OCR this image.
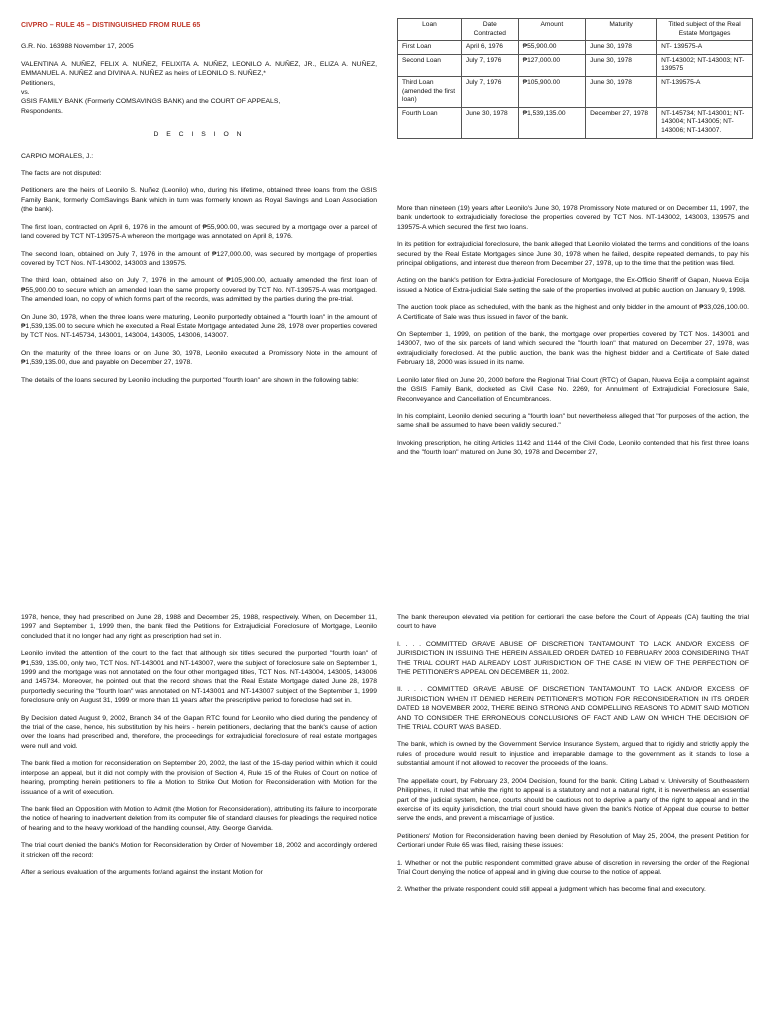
CIVPRO – RULE 45 – DISTINGUISHED FROM RULE 65

G.R. No. 163988 November 17, 2005

VALENTINA A. NUÑEZ, FELIX A. NUÑEZ, FELIXITA A. NUÑEZ, LEONILO A. NUÑEZ, JR., ELIZA A. NUÑEZ, EMMANUEL A. NUÑEZ and DIVINA A. NUÑEZ as heirs of LEONILO S. NUÑEZ,*

Petitioners,

vs.

GSIS FAMILY BANK (Formerly COMSAVINGS BANK) and the COURT OF APPEALS,

Respondents.

D E C I S I O N

CARPIO MORALES, J.:

The facts are not disputed:

Petitioners are the heirs of Leonilo S. Nuñez (Leonilo) who, during his lifetime, obtained three loans from the GSIS Family Bank, formerly ComSavings Bank which in turn was formerly known as Royal Savings and Loan Association (the bank).

The first loan, contracted on April 6, 1976 in the amount of ₱55,900.00, was secured by a mortgage over a parcel of land covered by TCT NT-139575-A whereon the mortgage was annotated on April 8, 1976.

The second loan, obtained on July 7, 1976 in the amount of ₱127,000.00, was secured by mortgage of properties covered by TCT Nos. NT-143002, 143003 and 139575.

The third loan, obtained also on July 7, 1976 in the amount of ₱105,900.00, actually amended the first loan of ₱55,900.00 to secure which an amended loan the same property covered by TCT No. NT-139575-A was mortgaged. The amended loan, no copy of which forms part of the records, was admitted by the parties during the pre-trial.

On June 30, 1978, when the three loans were maturing, Leonilo purportedly obtained a "fourth loan" in the amount of ₱1,539,135.00 to secure which he executed a Real Estate Mortgage antedated June 28, 1978 over properties covered by TCT Nos. NT-145734, 143001, 143004, 143005, 143006, 143007.

On the maturity of the three loans or on June 30, 1978, Leonilo executed a Promissory Note in the amount of ₱1,539,135.00, due and payable on December 27, 1978.

The details of the loans secured by Leonilo including the purported "fourth loan" are shown in the following table:

Loan	Date Contracted	Amount	Maturity	Titled subject of the Real Estate Mortgages
First Loan	April 6, 1976	₱55,900.00	June 30, 1978	NT- 139575-A
Second Loan	July 7, 1976	₱127,000.00	June 30, 1978	NT-143002; NT-143003; NT-139575
Third Loan (amended the first loan)	July 7, 1976	₱105,900.00	June 30, 1978	NT-139575-A
Fourth Loan	June 30, 1978	₱1,539,135.00	December 27, 1978	NT-145734; NT-143001; NT-143004; NT-143005; NT-143006; NT-143007.

More than nineteen (19) years after Leonilo's June 30, 1978 Promissory Note matured or on December 11, 1997, the bank undertook to extrajudicially foreclose the properties covered by TCT Nos. NT-143002, 143003, 139575 and 139575-A which secured the first two loans.

In its petition for extrajudicial foreclosure, the bank alleged that Leonilo violated the terms and conditions of the loans secured by the Real Estate Mortgages since June 30, 1978 when he failed, despite repeated demands, to pay his principal obligations, and interest due thereon from December 27, 1978, up to the time that the petition was filed.

Acting on the bank's petition for Extra-judicial Foreclosure of Mortgage, the Ex-Officio Sheriff of Gapan, Nueva Ecija issued a Notice of Extra-judicial Sale setting the sale of the properties involved at public auction on January 9, 1998.

The auction took place as scheduled, with the bank as the highest and only bidder in the amount of ₱33,026,100.00. A Certificate of Sale was thus issued in favor of the bank.

On September 1, 1999, on petition of the bank, the mortgage over properties covered by TCT Nos. 143001 and 143007, two of the six parcels of land which secured the "fourth loan" that matured on December 27, 1978, was extrajudicially foreclosed. At the public auction, the bank was the highest bidder and a Certificate of Sale dated February 18, 2000 was issued in its name.

Leonilo later filed on June 20, 2000 before the Regional Trial Court (RTC) of Gapan, Nueva Ecija a complaint against the GSIS Family Bank, docketed as Civil Case No. 2269, for Annulment of Extrajudicial Foreclosure Sale, Reconveyance and Cancellation of Encumbrances.

In his complaint, Leonilo denied securing a "fourth loan" but nevertheless alleged that "for purposes of the action, the same shall be assumed to have been validly secured."

Invoking prescription, he citing Articles 1142 and 1144 of the Civil Code, Leonilo contended that his first three loans and the "fourth loan" matured on June 30, 1978 and December 27,

1978, hence, they had prescribed on June 28, 1988 and December 25, 1988, respectively. When, on December 11, 1997 and September 1, 1999 then, the bank filed the Petitions for Extrajudicial Foreclosure of Mortgage, Leonilo concluded that it no longer had any right as prescription had set in.

Leonilo invited the attention of the court to the fact that although six titles secured the purported "fourth loan" of ₱1,539, 135.00, only two, TCT Nos. NT-143001 and NT-143007, were the subject of foreclosure sale on September 1, 1999 and the mortgage was not annotated on the four other mortgaged titles, TCT Nos. NT-143004, 143005, 143006 and 145734. Moreover, he pointed out that the record shows that the Real Estate Mortgage dated June 28, 1978 purportedly securing the "fourth loan" was annotated on NT-143001 and NT-143007 subject of the September 1, 1999 foreclosure only on August 31, 1999 or more than 11 years after the prescriptive period to foreclose had set in.

By Decision dated August 9, 2002, Branch 34 of the Gapan RTC found for Leonilo who died during the pendency of the trial of the case, hence, his substitution by his heirs - herein petitioners, declaring that the bank's cause of action over the loans had prescribed and, therefore, the proceedings for extrajudicial foreclosure of real estate mortgages were null and void.

The bank filed a motion for reconsideration on September 20, 2002, the last of the 15-day period within which it could interpose an appeal, but it did not comply with the provision of Section 4, Rule 15 of the Rules of Court on notice of hearing, prompting herein petitioners to file a Motion to Strike Out Motion for Reconsideration with Motion for the issuance of a writ of execution.

The bank filed an Opposition with Motion to Admit (the Motion for Reconsideration), attributing its failure to incorporate the notice of hearing to inadvertent deletion from its computer file of standard clauses for pleadings the required notice of hearing and to the heavy workload of the handling counsel, Atty. George Garvida.

The trial court denied the bank's Motion for Reconsideration by Order of November 18, 2002 and accordingly ordered it stricken off the record:

After a serious evaluation of the arguments for/and against the instant Motion for

The bank thereupon elevated via petition for certiorari the case before the Court of Appeals (CA) faulting the trial court to have

I. . . . COMMITTED GRAVE ABUSE OF DISCRETION TANTAMOUNT TO LACK AND/OR EXCESS OF JURISDICTION IN ISSUING THE HEREIN ASSAILED ORDER DATED 10 FEBRUARY 2003 CONSIDERING THAT THE TRIAL COURT HAD ALREADY LOST JURISDICTION OF THE CASE IN VIEW OF THE PERFECTION OF THE PETITIONER'S APPEAL ON DECEMBER 11, 2002.

II. . . . COMMITTED GRAVE ABUSE OF DISCRETION TANTAMOUNT TO LACK AND/OR EXCESS OF JURISDICTION WHEN IT DENIED HEREIN PETITIONER'S MOTION FOR RECONSIDERATION IN ITS ORDER DATED 18 NOVEMBER 2002, THERE BEING STRONG AND COMPELLING REASONS TO ADMIT SAID MOTION AND TO CONSIDER THE ERRONEOUS CONCLUSIONS OF FACT AND LAW ON WHICH THE DECISION OF THE TRIAL COURT WAS BASED.

The bank, which is owned by the Government Service Insurance System, argued that to rigidly and strictly apply the rules of procedure would result to injustice and irreparable damage to the government as it stands to lose a substantial amount if not allowed to recover the proceeds of the loans.

The appellate court, by February 23, 2004 Decision, found for the bank. Citing Labad v. University of Southeastern Philippines, it ruled that while the right to appeal is a statutory and not a natural right, it is nevertheless an essential part of the judicial system, hence, courts should be cautious not to deprive a party of the right to appeal and in the exercise of its equity jurisdiction, the trial court should have given the bank's Notice of Appeal due course to better serve the ends, and prevent a miscarriage of justice.

Petitioners' Motion for Reconsideration having been denied by Resolution of May 25, 2004, the present Petition for Certiorari under Rule 65 was filed, raising these issues:

1. Whether or not the public respondent committed grave abuse of discretion in reversing the order of the Regional Trial Court denying the notice of appeal and in giving due course to the notice of appeal.

2. Whether the private respondent could still appeal a judgment which has become final and executory.
